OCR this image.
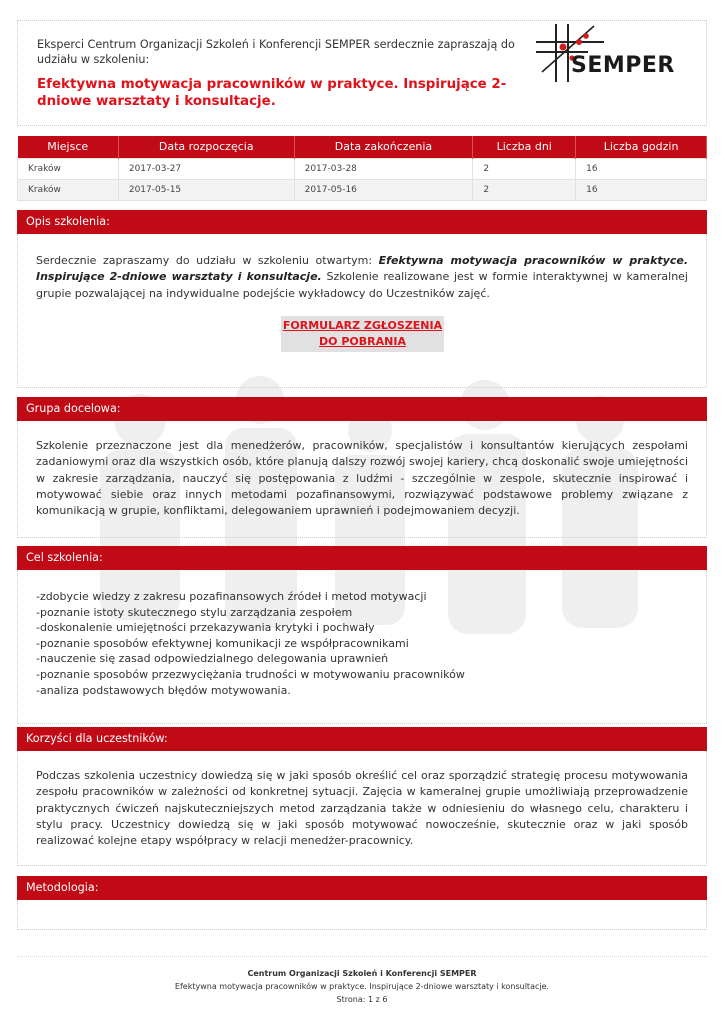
Eksperci Centrum Organizacji Szkoleń i Konferencji SEMPER serdecznie zapraszają do udziału w szkoleniu:
Efektywna motywacja pracowników w praktyce. Inspirujące 2-dniowe warsztaty i konsultacje.
SEMPER
Miejsce	Data rozpoczęcia	Data zakończenia	Liczba dni	Liczba godzin
Kraków	2017-03-27	2017-03-28	2	16
Kraków	2017-05-15	2017-05-16	2	16
Opis szkolenia:
Serdecznie zapraszamy do udziału w szkoleniu otwartym: Efektywna motywacja pracowników w praktyce. Inspirujące 2-dniowe warsztaty i konsultacje. Szkolenie realizowane jest w formie interaktywnej w kameralnej grupie pozwalającej na indywidualne podejście wykładowcy do Uczestników zajęć.
FORMULARZ ZGŁOSZENIA
DO POBRANIA
Grupa docelowa:
Szkolenie przeznaczone jest dla menedżerów, pracowników, specjalistów i konsultantów kierujących zespołami zadaniowymi oraz dla wszystkich osób, które planują dalszy rozwój swojej kariery, chcą doskonalić swoje umiejętności w zakresie zarządzania, nauczyć się postępowania z ludźmi - szczególnie w zespole, skutecznie inspirować i motywować siebie oraz innych metodami pozafinansowymi, rozwiązywać podstawowe problemy związane z komunikacją w grupie, konfliktami, delegowaniem uprawnień i podejmowaniem decyzji.
Cel szkolenia:
-zdobycie wiedzy z zakresu pozafinansowych źródeł i metod motywacji
-poznanie istoty skutecznego stylu zarządzania zespołem
-doskonalenie umiejętności przekazywania krytyki i pochwały
-poznanie sposobów efektywnej komunikacji ze współpracownikami
-nauczenie się zasad odpowiedzialnego delegowania uprawnień
-poznanie sposobów przezwyciężania trudności w motywowaniu pracowników
-analiza podstawowych błędów motywowania.
Korzyści dla uczestników:
Podczas szkolenia uczestnicy dowiedzą się w jaki sposób określić cel oraz sporządzić strategię procesu motywowania zespołu pracowników w zależności od konkretnej sytuacji. Zajęcia w kameralnej grupie umożliwiają przeprowadzenie praktycznych ćwiczeń najskuteczniejszych metod zarządzania także w odniesieniu do własnego celu, charakteru i stylu pracy. Uczestnicy dowiedzą się w jaki sposób motywować nowocześnie, skutecznie oraz w jaki sposób realizować kolejne etapy współpracy w relacji menedżer-pracownicy.
Metodologia:
Centrum Organizacji Szkoleń i Konferencji SEMPER
Efektywna motywacja pracowników w praktyce. Inspirujące 2-dniowe warsztaty i konsultacje.
Strona: 1 z 6
